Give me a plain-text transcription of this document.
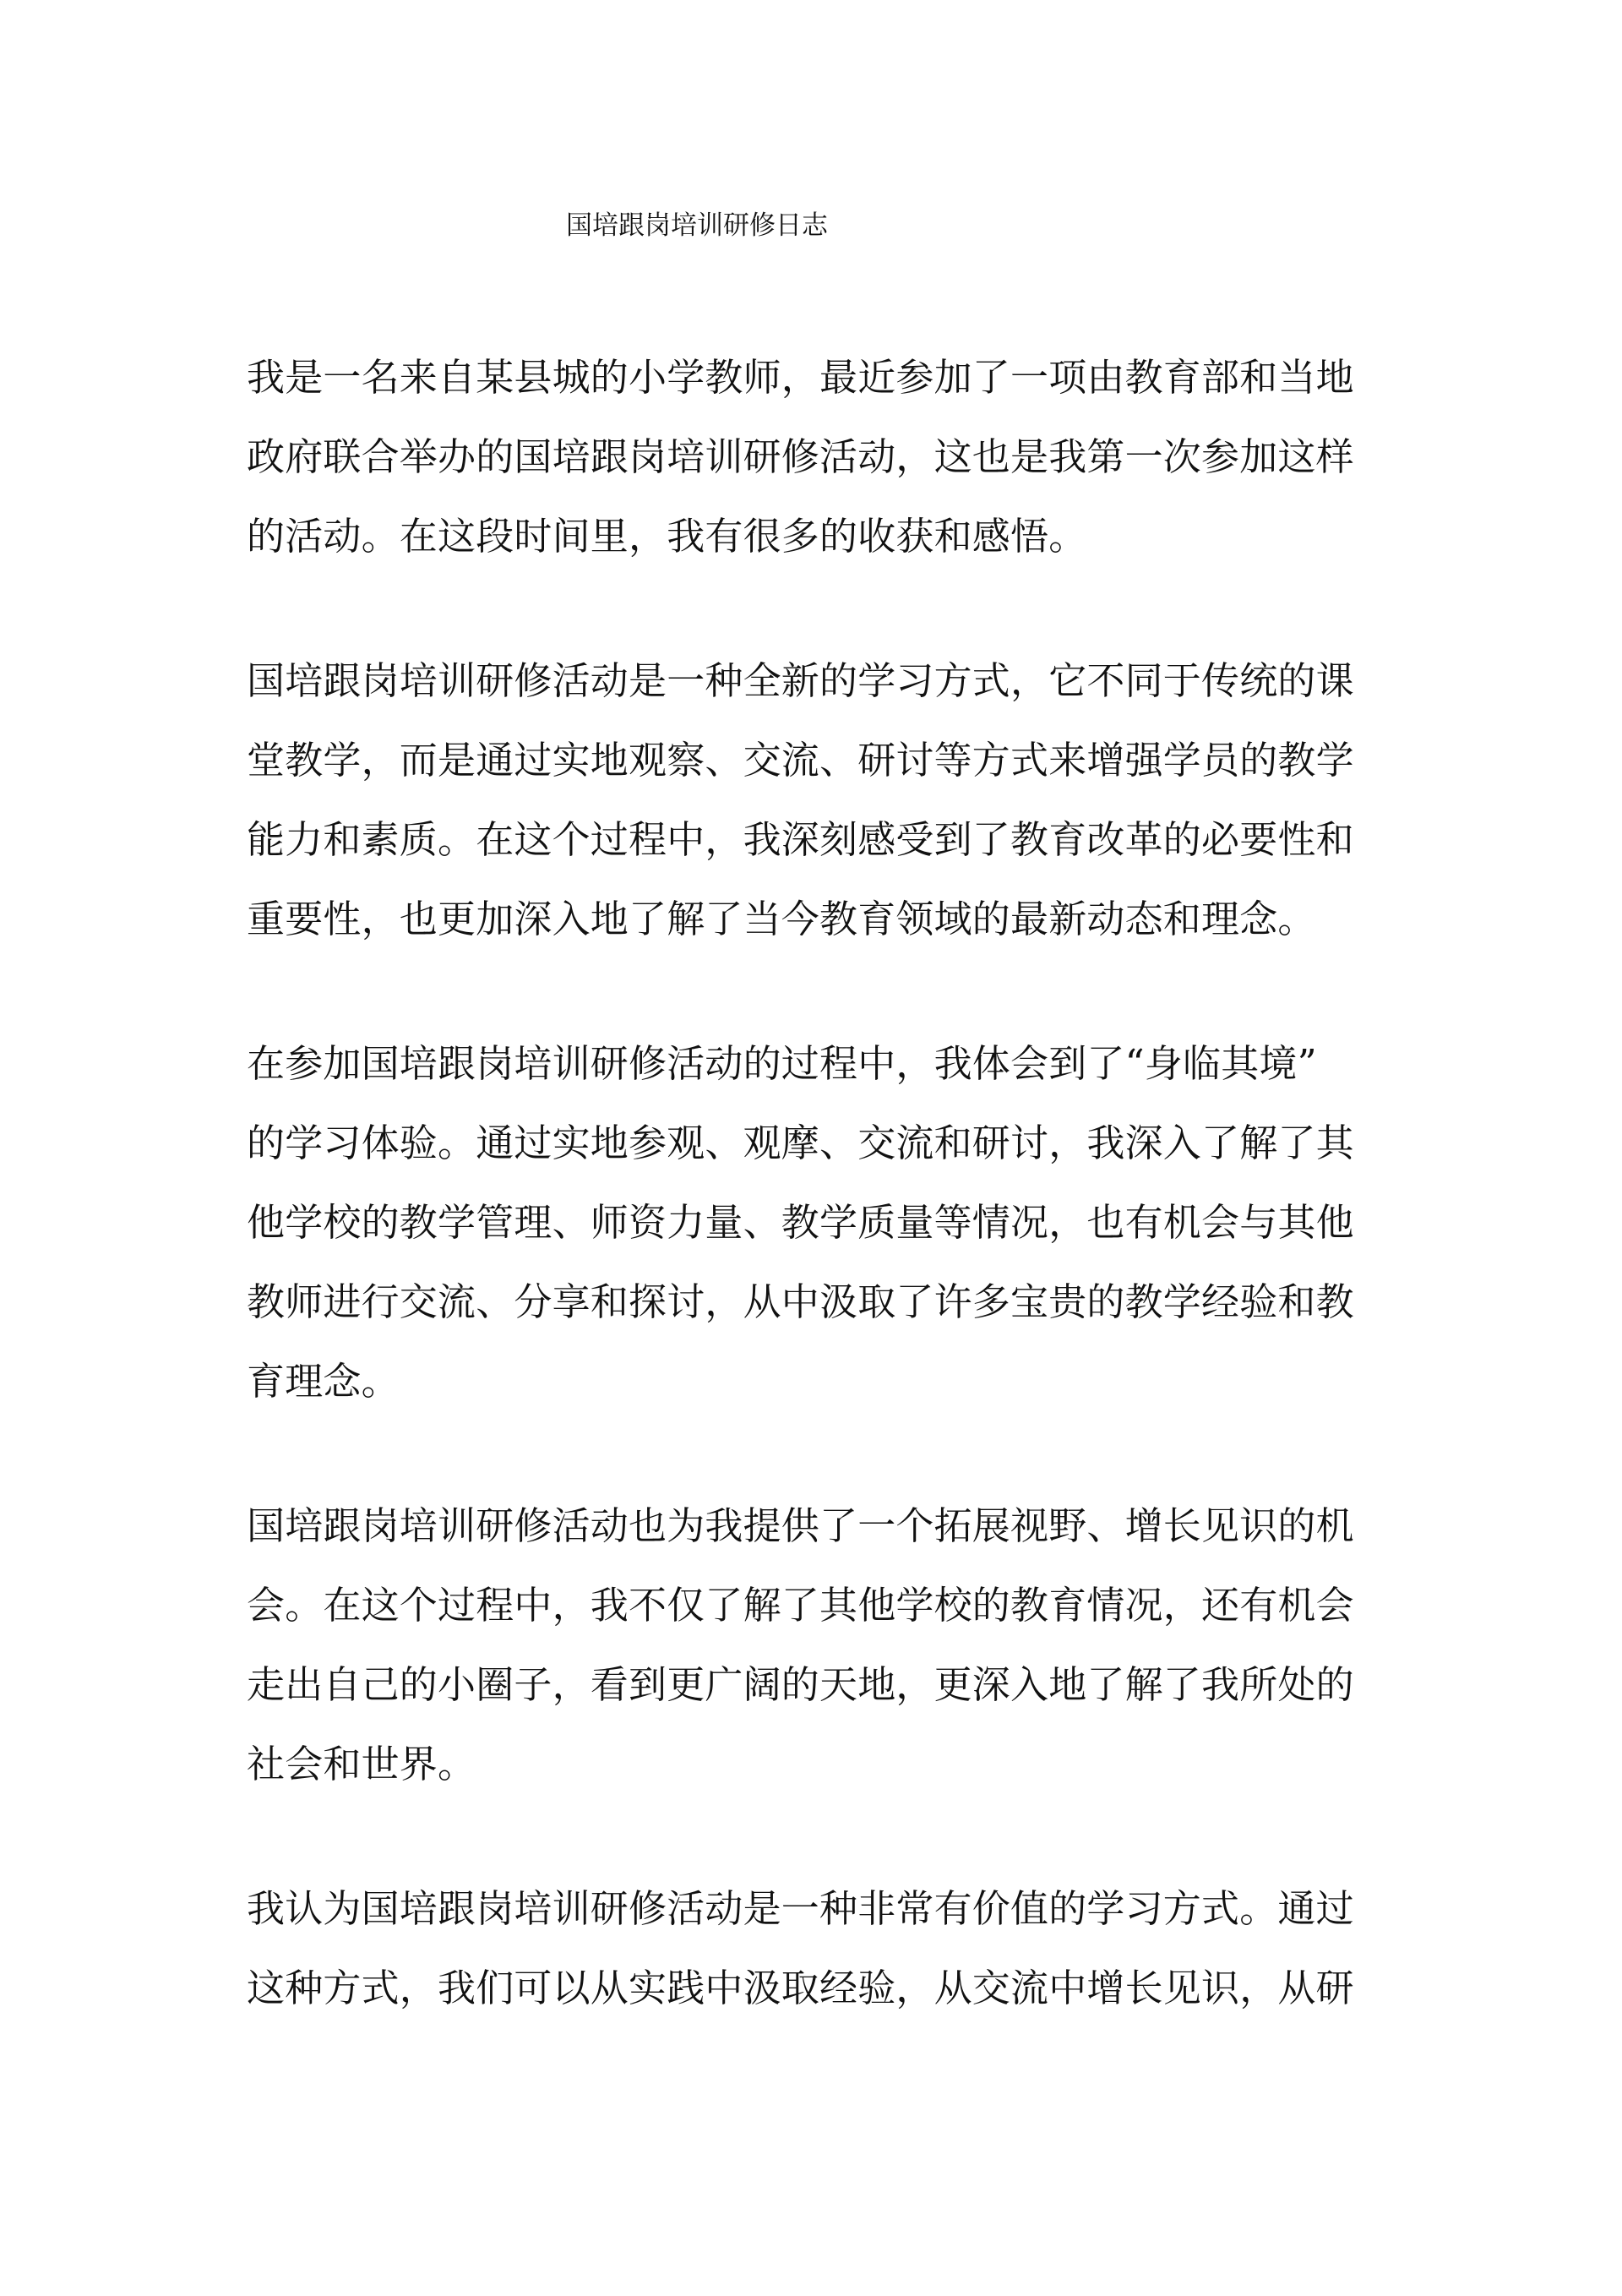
国培跟岗培训研修日志

我是一名来自某县城的小学教师，最近参加了一项由教育部和当地
政府联合举办的国培跟岗培训研修活动，这也是我第一次参加这样
的活动。在这段时间里，我有很多的收获和感悟。

国培跟岗培训研修活动是一种全新的学习方式，它不同于传统的课
堂教学，而是通过实地观察、交流、研讨等方式来增强学员的教学
能力和素质。在这个过程中，我深刻感受到了教育改革的必要性和
重要性，也更加深入地了解了当今教育领域的最新动态和理念。

在参加国培跟岗培训研修活动的过程中，我体会到了“身临其境”
的学习体验。通过实地参观、观摩、交流和研讨，我深入了解了其
他学校的教学管理、师资力量、教学质量等情况，也有机会与其他
教师进行交流、分享和探讨，从中汲取了许多宝贵的教学经验和教
育理念。

国培跟岗培训研修活动也为我提供了一个拓展视野、增长见识的机
会。在这个过程中，我不仅了解了其他学校的教育情况，还有机会
走出自己的小圈子，看到更广阔的天地，更深入地了解了我所处的
社会和世界。

我认为国培跟岗培训研修活动是一种非常有价值的学习方式。通过
这种方式，我们可以从实践中汲取经验，从交流中增长见识，从研
